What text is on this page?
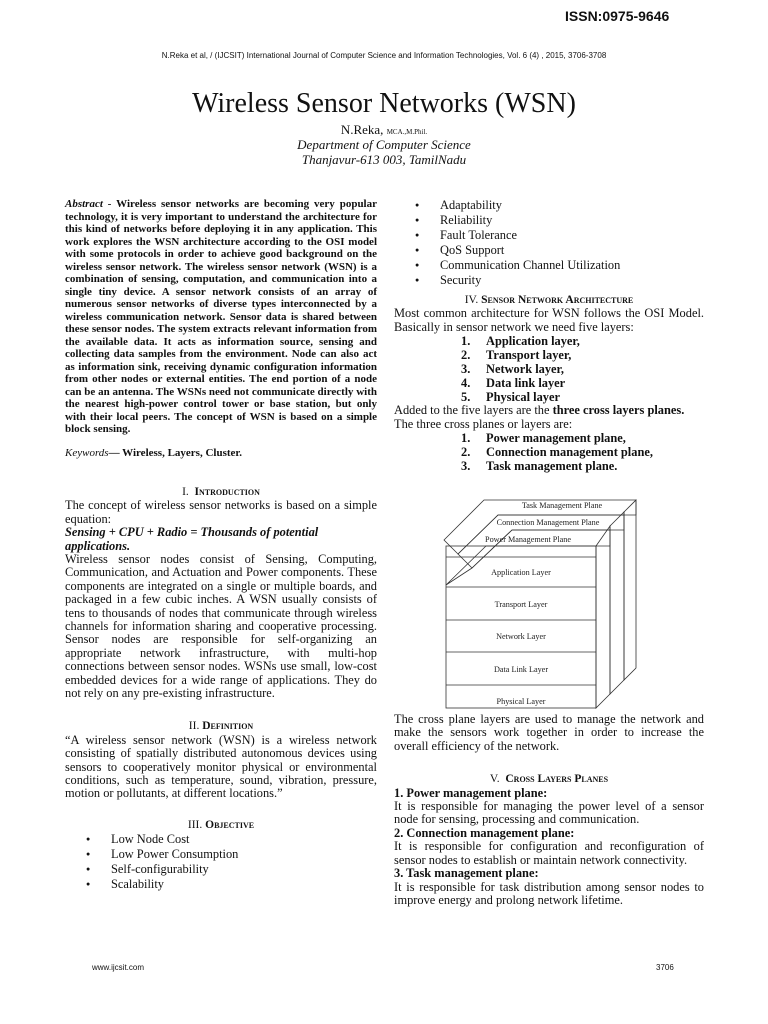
ISSN:0975-9646
N.Reka et al, / (IJCSIT) International Journal of Computer Science and Information Technologies, Vol. 6 (4) , 2015, 3706-3708
Wireless Sensor Networks (WSN)
N.Reka, MCA.,M.Phil.
Department of Computer Science
Thanjavur-613 003, TamilNadu

Abstract - Wireless sensor networks are becoming very popular technology, it is very important to understand the architecture for this kind of networks before deploying it in any application. This work explores the WSN architecture according to the OSI model with some protocols in order to achieve good background on the wireless sensor network. The wireless sensor network (WSN) is a combination of sensing, computation, and communication into a single tiny device. A sensor network consists of an array of numerous sensor networks of diverse types interconnected by a wireless communication network. Sensor data is shared between these sensor nodes. The system extracts relevant information from the available data. It acts as information source, sensing and collecting data samples from the environment. Node can also act as information sink, receiving dynamic configuration information from other nodes or external entities. The end portion of a node can be an antenna. The WSNs need not communicate directly with the nearest high-power control tower or base station, but only with their local peers. The concept of WSN is based on a simple block sensing.

Keywords— Wireless, Layers, Cluster.

I. Introduction

The concept of wireless sensor networks is based on a simple equation:

Sensing + CPU + Radio = Thousands of potential applications.

Wireless sensor nodes consist of Sensing, Computing, Communication, and Actuation and Power components. These components are integrated on a single or multiple boards, and packaged in a few cubic inches. A WSN usually consists of tens to thousands of nodes that communicate through wireless channels for information sharing and cooperative processing. Sensor nodes are responsible for self-organizing an appropriate network infrastructure, with multi-hop connections between sensor nodes. WSNs use small, low-cost embedded devices for a wide range of applications. They do not rely on any pre-existing infrastructure.

II. Definition

“A wireless sensor network (WSN) is a wireless network consisting of spatially distributed autonomous devices using sensors to cooperatively monitor physical or environmental conditions, such as temperature, sound, vibration, pressure, motion or pollutants, at different locations.”

III. Objective

● Low Node Cost
● Low Power Consumption
● Self-configurability
● Scalability
● Adaptability
● Reliability
● Fault Tolerance
● QoS Support
● Communication Channel Utilization
● Security

IV. Sensor Network Architecture

Most common architecture for WSN follows the OSI Model. Basically in sensor network we need five layers:

1. Application layer,
2. Transport layer,
3. Network layer,
4. Data link layer
5. Physical layer

Added to the five layers are the three cross layers planes.

The three cross planes or layers are:

1. Power management plane,
2. Connection management plane,
3. Task management plane.

The cross plane layers are used to manage the network and make the sensors work together in order to increase the overall efficiency of the network.

V. Cross Layers Planes

1. Power management plane:

It is responsible for managing the power level of a sensor node for sensing, processing and communication.

2. Connection management plane:

It is responsible for configuration and reconfiguration of sensor nodes to establish or maintain network connectivity.

3. Task management plane:

It is responsible for task distribution among sensor nodes to improve energy and prolong network lifetime.

Task Management Plane
Connection Management Plane
Power Management Plane
Application Layer
Transport Layer
Network Layer
Data Link Layer
Physical Layer
www.ijcsit.com	3706
